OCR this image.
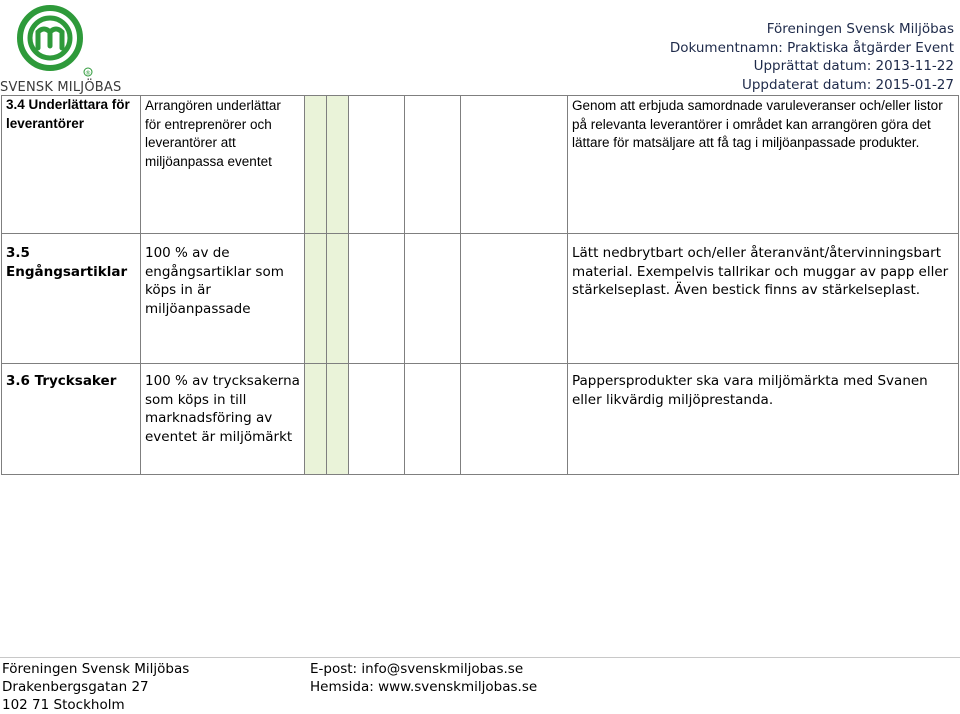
®
SVENSK MILJÖBAS
Föreningen Svensk Miljöbas
Dokumentnamn: Praktiska åtgärder Event
Upprättat datum: 2013-11-22
Uppdaterat datum: 2015-01-27
3.4 Underlättara för leverantörer	Arrangören underlättar för entreprenörer och leverantörer att miljöanpassa eventet						Genom att erbjuda samordnade varuleveranser och/eller listor på relevanta leverantörer i området kan arrangören göra det lättare för matsäljare att få tag i miljöanpassade produkter.

3.5 Engångsartiklar	100 % av de engångsartiklar som köps in är miljöanpassade						Lätt nedbrytbart och/eller återanvänt/återvinningsbart material. Exempelvis tallrikar och muggar av papp eller stärkelseplast. Även bestick finns av stärkelseplast.

3.6 Trycksaker	100 % av trycksakerna som köps in till marknadsföring av eventet är miljömärkt						Pappersprodukter ska vara miljömärkta med Svanen eller likvärdig miljöprestanda.
Föreningen Svensk Miljöbas
Drakenbergsgatan 27
102 71 Stockholm
E-post: info@svenskmiljobas.se
Hemsida: www.svenskmiljobas.se
